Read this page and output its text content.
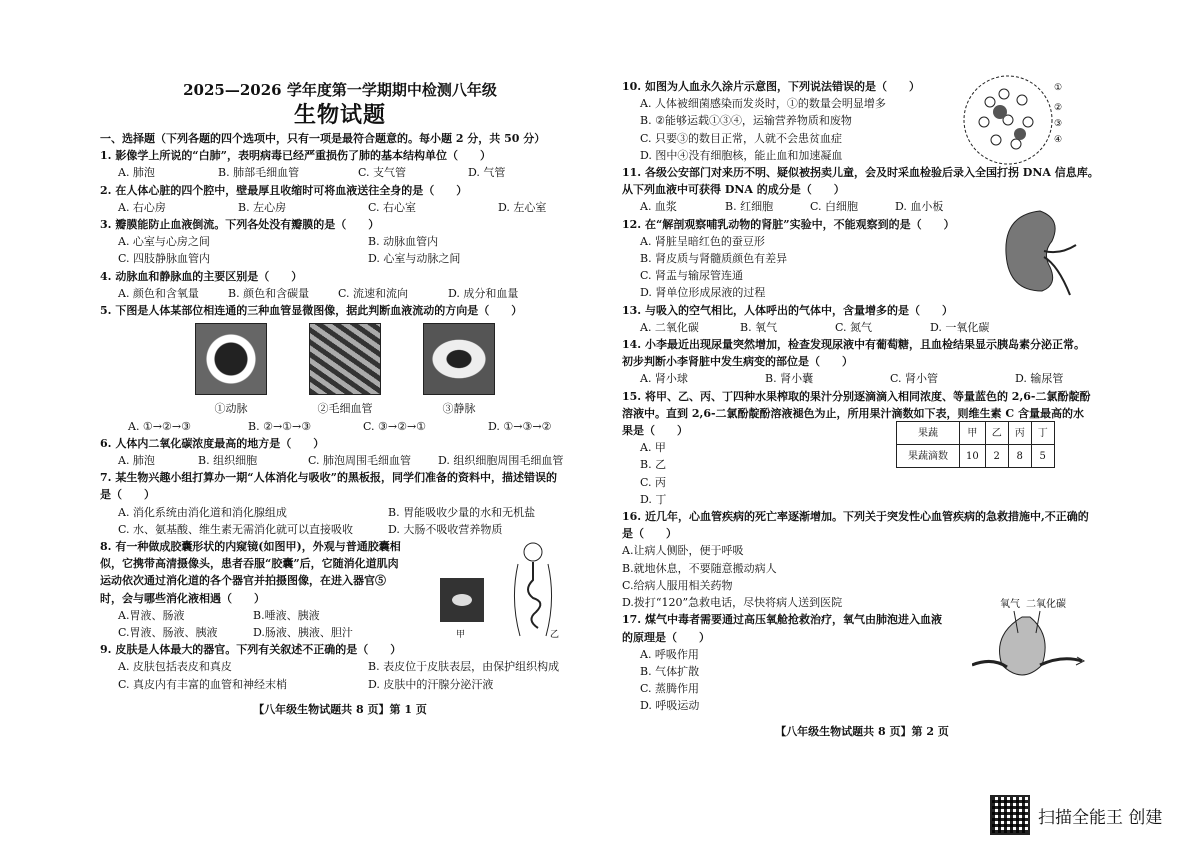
2025—2026 学年度第一学期期中检测八年级
生物试题
一、选择题（下列各题的四个选项中，只有一项是最符合题意的。每小题 2 分，共 50 分）
1. 影像学上所说的“白肺”，表明病毒已经严重损伤了肺的基本结构单位（　　）
A. 肺泡	B. 肺部毛细血管	C. 支气管	D. 气管
2. 在人体心脏的四个腔中，壁最厚且收缩时可将血液送往全身的是（　　）
A. 右心房	B. 左心房	C. 右心室	D. 左心室
3. 瓣膜能防止血液倒流。下列各处没有瓣膜的是（　　）
A. 心室与心房之间	B. 动脉血管内
C. 四肢静脉血管内	D. 心室与动脉之间
4. 动脉血和静脉血的主要区别是（　　）
A. 颜色和含氧量	B. 颜色和含碳量	C. 流速和流向	D. 成分和血量
5. 下图是人体某部位相连通的三种血管显微图像，据此判断血液流动的方向是（　　）
①动脉	②毛细血管	③静脉
A. ①→②→③	B. ②→①→③	C. ③→②→①	D. ①→③→②
6. 人体内二氧化碳浓度最高的地方是（　　）
A. 肺泡	B. 组织细胞	C. 肺泡周围毛细血管	D. 组织细胞周围毛细血管
7. 某生物兴趣小组打算办一期“人体消化与吸收”的黑板报，同学们准备的资料中，描述错误的
是（　　）
A. 消化系统由消化道和消化腺组成	B. 胃能吸收少量的水和无机盐
C. 水、氨基酸、维生素无需消化就可以直接吸收	D. 大肠不吸收营养物质
8. 有一种做成胶囊形状的内窥镜(如图甲)，外观与普通胶囊相
似，它携带高清摄像头，患者吞服“胶囊”后，它随消化道肌肉
运动依次通过消化道的各个器官并拍摄图像，在进入器官⑤
时，会与哪些消化液相遇（　　）
A.胃液、肠液	B.唾液、胰液
C.胃液、肠液、胰液	D.肠液、胰液、胆汁	甲	乙
9. 皮肤是人体最大的器官。下列有关叙述不正确的是（　　）
A. 皮肤包括表皮和真皮	B. 表皮位于皮肤表层，由保护组织构成
C. 真皮内有丰富的血管和神经末梢	D. 皮肤中的汗腺分泌汗液
【八年级生物试题共 8 页】第 1 页
10. 如图为人血永久涂片示意图，下列说法错误的是（　　）
A. 人体被细菌感染而发炎时，①的数量会明显增多
B. ②能够运载①③④，运输营养物质和废物
C. 只要③的数目正常，人就不会患贫血症
D. 图中④没有细胞核，能止血和加速凝血
11. 各级公安部门对来历不明、疑似被拐卖儿童，会及时采血检验后录入全国打拐 DNA 信息库。
从下列血液中可获得 DNA 的成分是（　　）
A. 血浆	B. 红细胞	C. 白细胞	D. 血小板
12. 在“解剖观察哺乳动物的肾脏”实验中，不能观察到的是（　　）
A. 肾脏呈暗红色的蚕豆形
B. 肾皮质与肾髓质颜色有差异
C. 肾盂与输尿管连通
D. 肾单位形成尿液的过程
13. 与吸入的空气相比，人体呼出的气体中，含量增多的是（　　）
A. 二氧化碳	B. 氧气	C. 氮气	D. 一氧化碳
14. 小李最近出现尿量突然增加，检查发现尿液中有葡萄糖，且血检结果显示胰岛素分泌正常。
初步判断小李肾脏中发生病变的部位是（　　）
A. 肾小球	B. 肾小囊	C. 肾小管	D. 输尿管
15. 将甲、乙、丙、丁四种水果榨取的果汁分别逐滴滴入相同浓度、等量蓝色的 2,6-二氯酚靛酚
溶液中。直到 2,6-二氯酚靛酚溶液褪色为止，所用果汁滴数如下表，则维生素 C 含量最高的水
果是（　　）
A. 甲
B. 乙
C. 丙
D. 丁
果蔬	甲	乙	丙	丁
果蔬滴数	10	2	8	5
16. 近几年，心血管疾病的死亡率逐渐增加。下列关于突发性心血管疾病的急救措施中,不正确的
是（　　）
A.让病人侧卧，便于呼吸
B.就地休息，不要随意搬动病人
C.给病人服用相关药物
D.拨打“120”急救电话，尽快将病人送到医院
17. 煤气中毒者需要通过高压氧舱抢救治疗，氧气由肺泡进入血液
的原理是（　　）
A. 呼吸作用
B. 气体扩散
C. 蒸腾作用
D. 呼吸运动
氧气 二氧化碳
【八年级生物试题共 8 页】第 2 页
①
②
③
④
扫描全能王 创建
